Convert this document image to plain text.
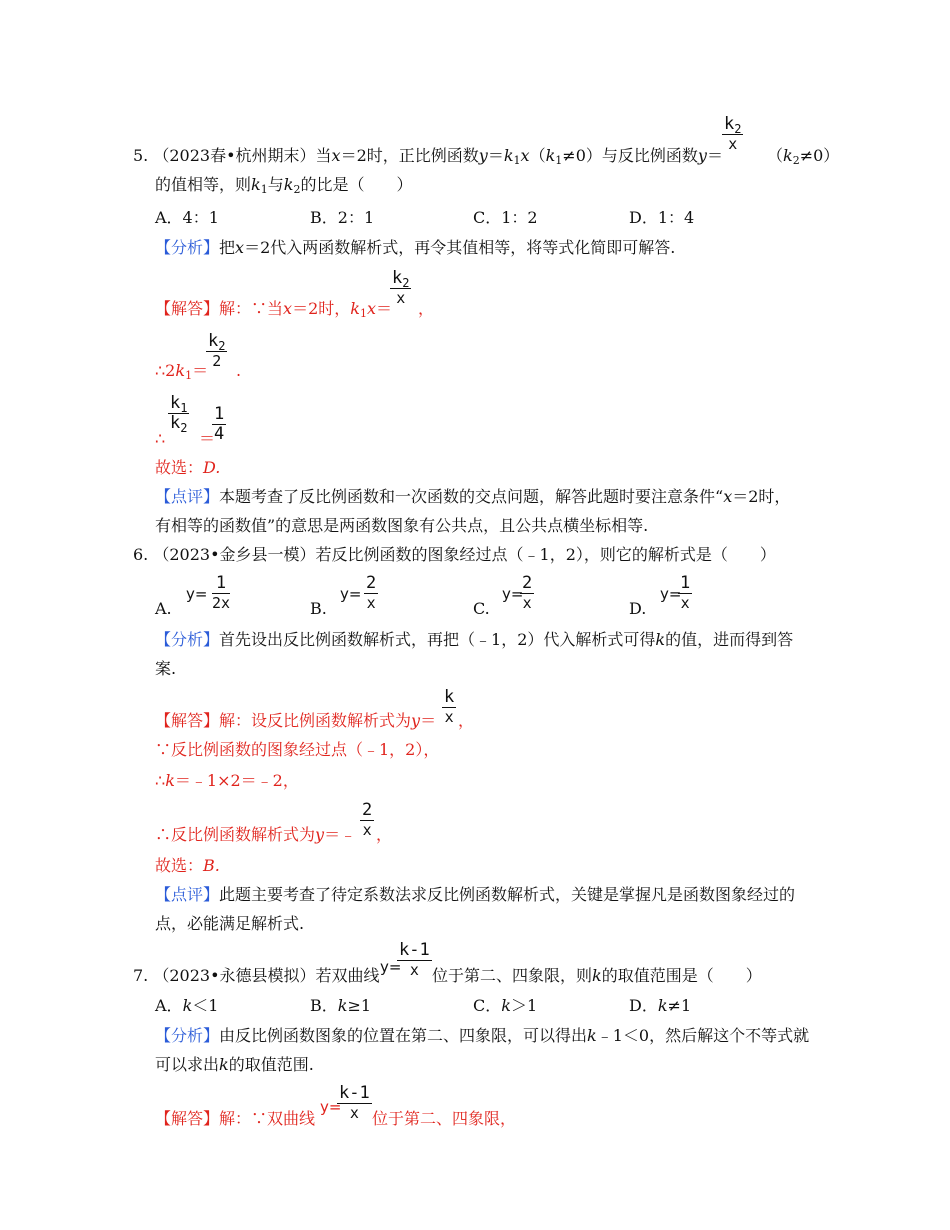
$k_2$
x
5. （2023春•杭州期末）当x＝2时，正比例函数$y=k_1x(k_1\ne 0)$与反比例函数y＝	$(k_2\ne 0)$
的值相等，则$k_1$与$k_2$的比是（　　）
A．4：1	B．2：1	C．1：2	D．1：4
【分析】把x＝2代入两函数解析式，再令其值相等，将等式化简即可解答.
$k_2$
x
【解答】解：∵当x＝2时，$k_1x=$ ，
$k_2$
2
$\therefore 2k_1=$ .
$k_1$
$k_2$
∴ ＝
1
4
故选：D.
【点评】本题考查了反比例函数和一次函数的交点问题，解答此题时要注意条件“x＝2时，
有相等的函数值”的意思是两函数图象有公共点，且公共点横坐标相等.
6. （2023•金乡县一模）若反比例函数的图象经过点（﹣1，2），则它的解析式是（　　）
A.
y=
1
2x	B.
y=
2
x	C.
y=
2
x	D.
y=
1
x
【分析】首先设出反比例函数解析式，再把（﹣1，2）代入解析式可得k的值，进而得到答
案.
k
x
【解答】解：设反比例函数解析式为y＝ ，
∵反比例函数的图象经过点（﹣1，2），
∴k＝﹣1×2＝﹣2，
2
x
∴反比例函数解析式为y＝﹣ ，
故选：B.
【点评】此题主要考查了待定系数法求反比例函数解析式，关键是掌握凡是函数图象经过的
点，必能满足解析式.
y=
k-1
x
7. （2023•永德县模拟）若双曲线	位于第二、四象限，则k的取值范围是（　　）
A．k＜1	B．k≥1	C．k＞1	D．k≠1
【分析】由反比例函数图象的位置在第二、四象限，可以得出k﹣1＜0，然后解这个不等式就
可以求出k的取值范围.
y=
k-1
x
【解答】解：∵双曲线	位于第二、四象限，
